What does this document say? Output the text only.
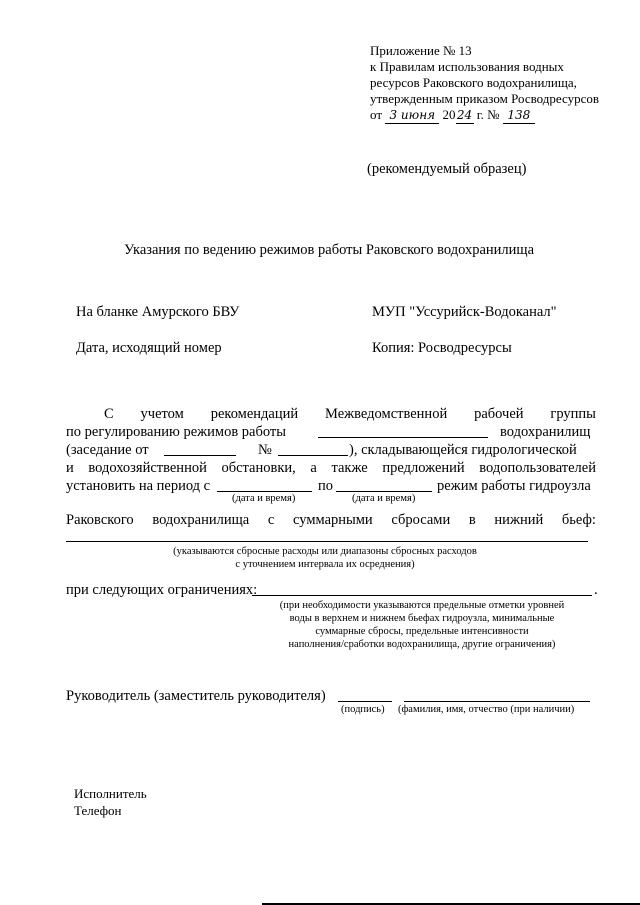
Приложение № 13
к Правилам использования водных
ресурсов Раковского водохранилища,
утвержденным приказом Росводресурсов
от 3 июня 2024 г. № 138
(рекомендуемый образец)
Указания по ведению режимов работы Раковского водохранилища
На бланке Амурского БВУ	МУП "Уссурийск-Водоканал"
Дата, исходящий номер	Копия: Росводресурсы
С учетом рекомендаций Межведомственной рабочей группы
по регулированию режимов работы	водохранилищ
(заседание от	№	), складывающейся гидрологической
и водохозяйственной обстановки, а также предложений водопользователей
установить на период с	по	режим работы гидроузла
(дата и время)	(дата и время)
Раковского водохранилища с суммарными сбросами в нижний бьеф:
(указываются сбросные расходы или диапазоны сбросных расходов
с уточнением интервала их осреднения)
при следующих ограничениях:	.
(при необходимости указываются предельные отметки уровней
воды в верхнем и нижнем бьефах гидроузла, минимальные
суммарные сбросы, предельные интенсивности
наполнения/сработки водохранилища, другие ограничения)
Руководитель (заместитель руководителя)
(подпись) (фамилия, имя, отчество (при наличии)
Исполнитель
Телефон
